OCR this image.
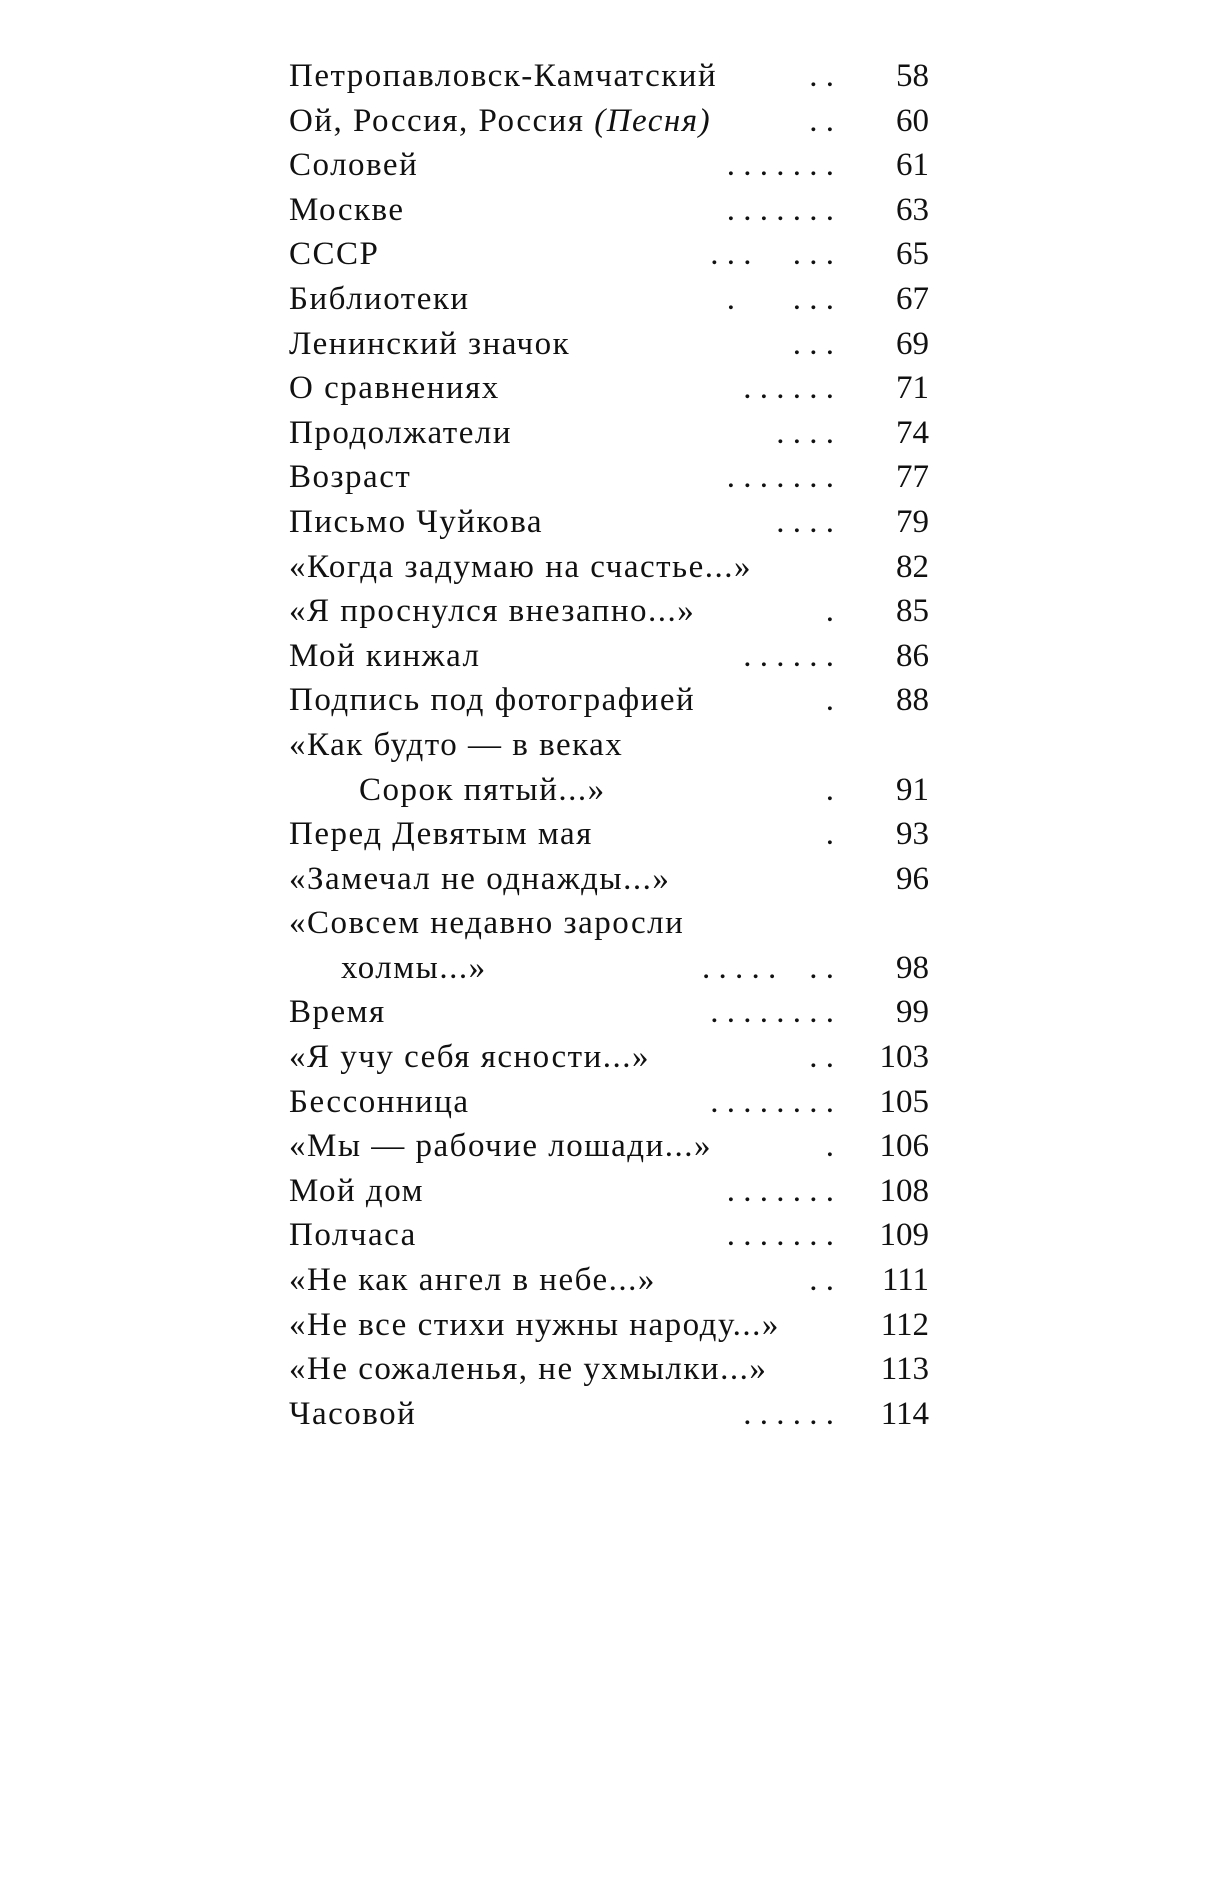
Петропавловск-Камчатский	. .	58
Ой, Россия, Россия (Песня)	. .	60
Соловей	. . . . . . .	61
Москве	. . . . . . .	63
СССР	. . .     . . .	65
Библиотеки	.       . . .	67
Ленинский значок	. . .	69
О сравнениях	. . . . . .	71
Продолжатели	. . . .	74
Возраст	. . . . . . .	77
Письмо Чуйкова	. . . .	79
«Когда задумаю на счастье...»	82
«Я проснулся внезапно...»	.	85
Мой кинжал	. . . . . .	86
Подпись под фотографией	.	88
«Как будто — в веках
Сорок пятый...»	.	91
Перед Девятым мая	.	93
«Замечал не однажды...»	96
«Совсем недавно заросли
холмы...»	. . . . .    . .	98
Время	. . . . . . . .	99
«Я учу себя ясности...»	. .	103
Бессонница	. . . . . . . .	105
«Мы — рабочие лошади...»	.	106
Мой дом	. . . . . . .	108
Полчаса	. . . . . . .	109
«Не как ангел в небе...»	. .	111
«Не все стихи нужны народу...»	112
«Не сожаленья, не ухмылки...»	113
Часовой	. . . . . .	114
